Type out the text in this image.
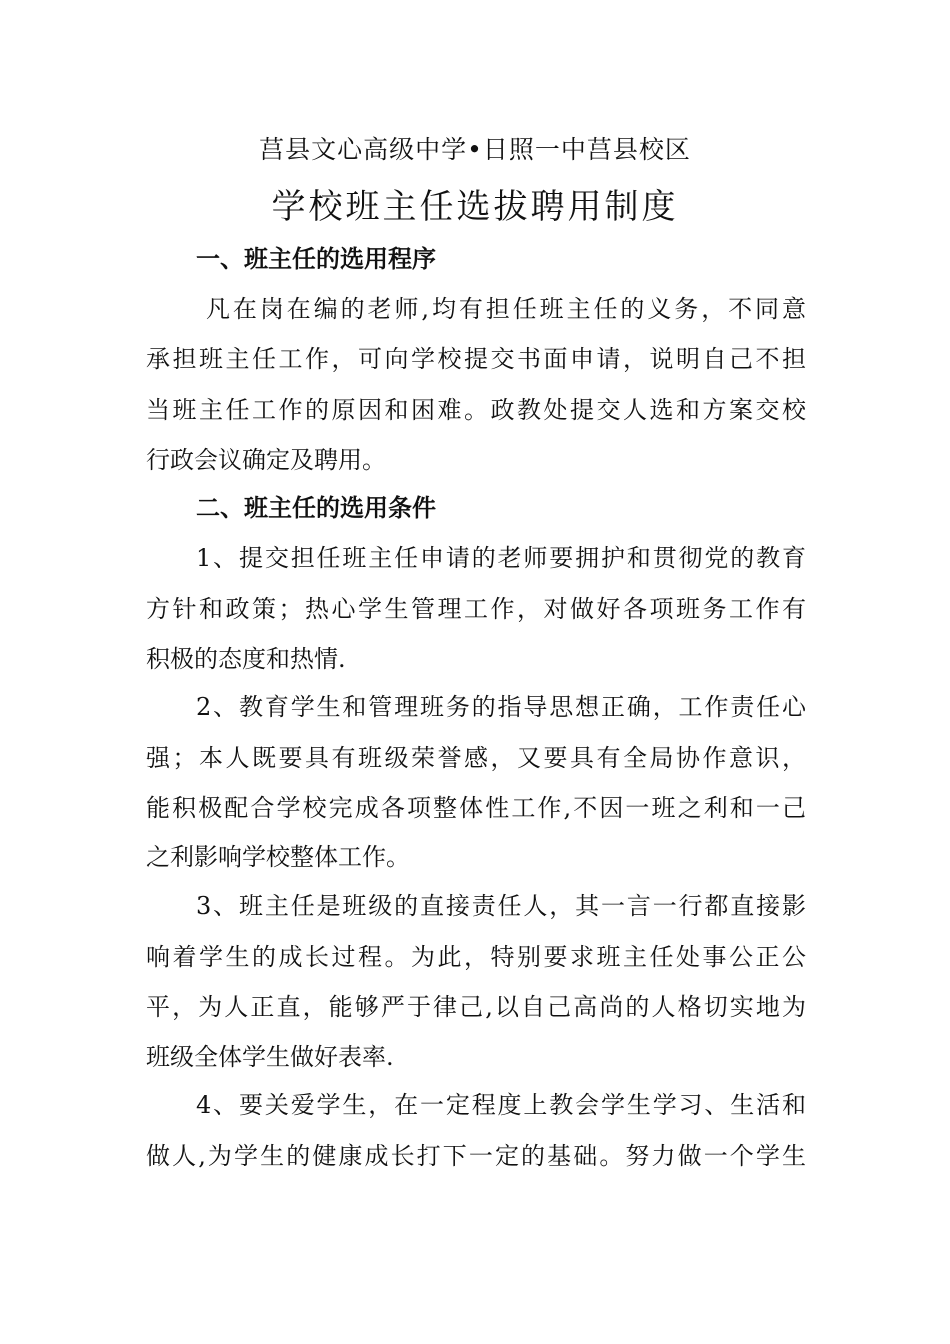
莒县文心高级中学•日照一中莒县校区
学校班主任选拔聘用制度
一、班主任的选用程序
凡在岗在编的老师,均有担任班主任的义务，不同意
承担班主任工作，可向学校提交书面申请，说明自己不担
当班主任工作的原因和困难。政教处提交人选和方案交校
行政会议确定及聘用。
二、班主任的选用条件
1、提交担任班主任申请的老师要拥护和贯彻党的教育
方针和政策；热心学生管理工作，对做好各项班务工作有
积极的态度和热情.
2、教育学生和管理班务的指导思想正确，工作责任心
强；本人既要具有班级荣誉感，又要具有全局协作意识，
能积极配合学校完成各项整体性工作,不因一班之利和一己
之利影响学校整体工作。
3、班主任是班级的直接责任人，其一言一行都直接影
响着学生的成长过程。为此，特别要求班主任处事公正公
平，为人正直，能够严于律己,以自己高尚的人格切实地为
班级全体学生做好表率.
4、要关爱学生，在一定程度上教会学生学习、生活和
做人,为学生的健康成长打下一定的基础。努力做一个学生
